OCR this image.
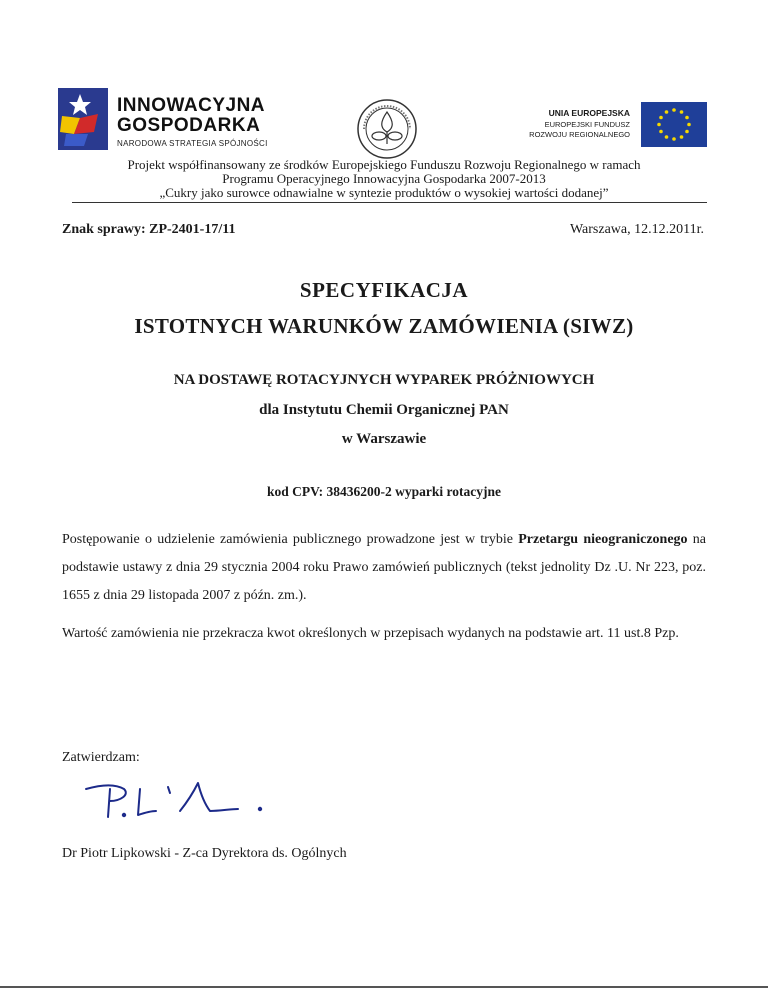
INNOWACYJNA
GOSPODARKA
NARODOWA STRATEGIA SPÓJNOŚCI
UNIA EUROPEJSKA
EUROPEJSKI FUNDUSZ
ROZWOJU REGIONALNEGO
Projekt współfinansowany ze środków Europejskiego Funduszu Rozwoju Regionalnego w ramach
Programu Operacyjnego Innowacyjna Gospodarka 2007-2013
„Cukry jako surowce odnawialne w syntezie produktów o wysokiej wartości dodanej”
Znak sprawy: ZP-2401-17/11	Warszawa, 12.12.2011r.
SPECYFIKACJA
ISTOTNYCH WARUNKÓW ZAMÓWIENIA (SIWZ)
NA DOSTAWĘ ROTACYJNYCH WYPAREK PRÓŻNIOWYCH
dla Instytutu Chemii Organicznej PAN
w Warszawie
kod CPV: 38436200-2 wyparki rotacyjne
Postępowanie o udzielenie zamówienia publicznego prowadzone jest w trybie Przetargu nieograniczonego na podstawie ustawy z dnia 29 stycznia 2004 roku Prawo zamówień publicznych (tekst jednolity Dz .U. Nr 223, poz. 1655 z dnia 29 listopada 2007 z późn. zm.).
Wartość zamówienia nie przekracza kwot określonych w przepisach wydanych na podstawie art. 11 ust.8 Pzp.
Zatwierdzam:
Dr Piotr Lipkowski - Z-ca Dyrektora ds. Ogólnych
